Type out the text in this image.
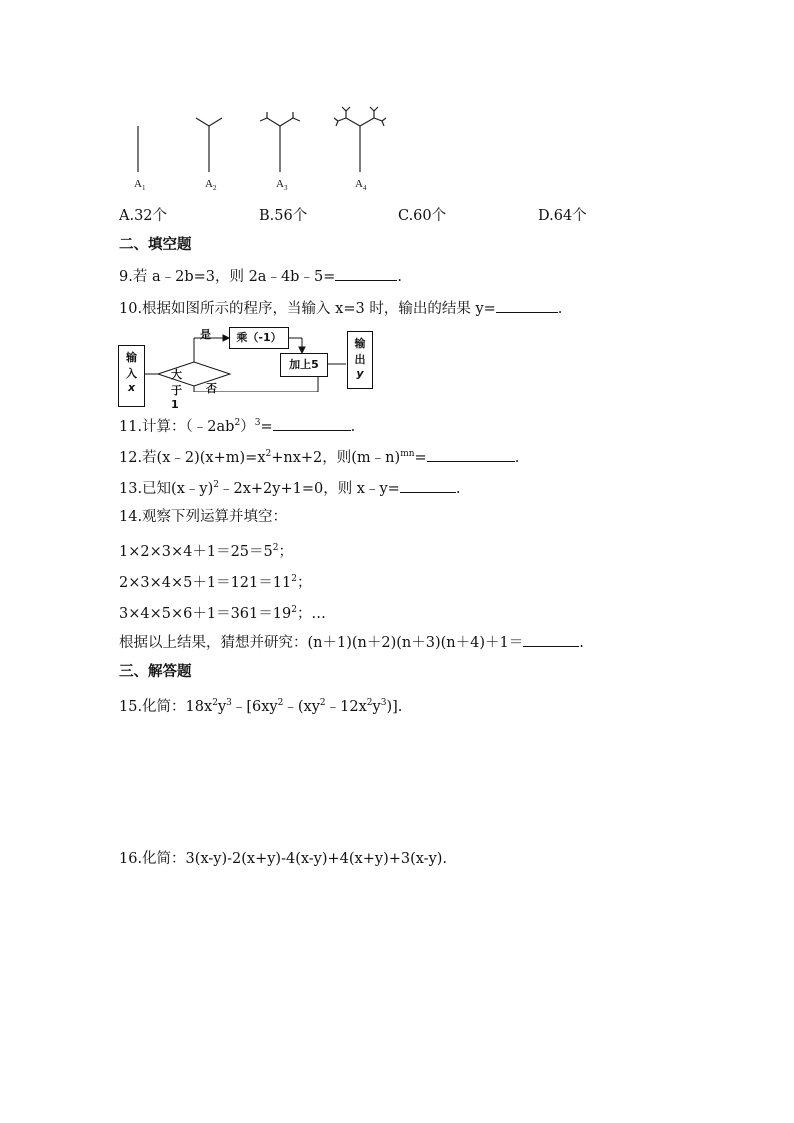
$A_1$	$A_2$	$A_3$	$A_4$
A.32个	B.56个	C.60个	D.64个
二、填空题
9.若 a﹣2b=3，则 2a﹣4b﹣5=	.
10.根据如图所示的程序，当输入 x=3 时，输出的结果 y=	.
输
入
x
乘（-1）
加上5
输
出
y
大于1
是
否
11.计算：$(﹣2ab^2)^3=$	.
12.若$(x﹣2)(x+m)=x^2+nx+2$，则(m﹣n)$^{mn}$=	.
13.已知(x﹣y)$^2$﹣2x+2y+1=0，则 x﹣y=	.
14.观察下列运算并填空：
$1\times 2\times 3\times 4+1=25=5^2$；
$2\times 3\times 4\times 5+1=121=11^2$；
$3\times 4\times 5\times 6+1=361=19^2$；…
根据以上结果，猜想并研究：(n＋1)(n＋2)(n＋3)(n＋4)＋1＝	.
三、解答题
15.化简：$18x^2y^3﹣[6xy^2﹣(xy^2﹣12x^2y^3)]$.
16.化简：3(x-y)-2(x+y)-4(x-y)+4(x+y)+3(x-y).
